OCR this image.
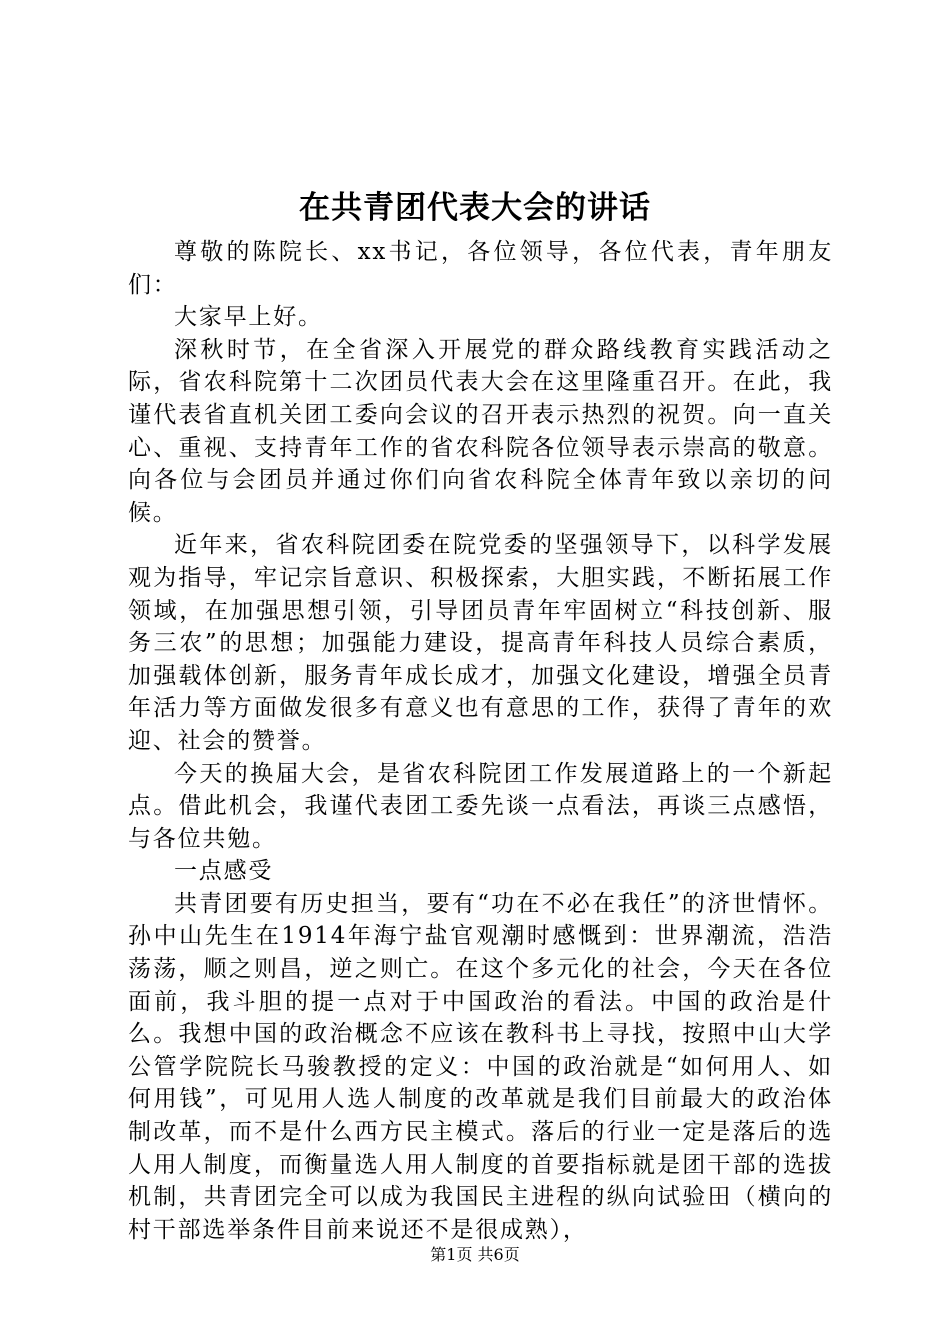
在共青团代表大会的讲话

尊敬的陈院长、xx书记，各位领导，各位代表，青年朋友们：

大家早上好。

深秋时节，在全省深入开展党的群众路线教育实践活动之际，省农科院第十二次团员代表大会在这里隆重召开。在此，我谨代表省直机关团工委向会议的召开表示热烈的祝贺。向一直关心、重视、支持青年工作的省农科院各位领导表示崇高的敬意。向各位与会团员并通过你们向省农科院全体青年致以亲切的问候。

近年来，省农科院团委在院党委的坚强领导下，以科学发展观为指导，牢记宗旨意识、积极探索，大胆实践，不断拓展工作领域，在加强思想引领，引导团员青年牢固树立“科技创新、服务三农”的思想；加强能力建设，提高青年科技人员综合素质，加强载体创新，服务青年成长成才，加强文化建设，增强全员青年活力等方面做发很多有意义也有意思的工作，获得了青年的欢迎、社会的赞誉。

今天的换届大会，是省农科院团工作发展道路上的一个新起点。借此机会，我谨代表团工委先谈一点看法，再谈三点感悟，与各位共勉。

一点感受

共青团要有历史担当，要有“功在不必在我任”的济世情怀。孙中山先生在1914年海宁盐官观潮时感慨到：世界潮流，浩浩荡荡，顺之则昌，逆之则亡。在这个多元化的社会，今天在各位面前，我斗胆的提一点对于中国政治的看法。中国的政治是什么。我想中国的政治概念不应该在教科书上寻找，按照中山大学公管学院院长马骏教授的定义：中国的政治就是“如何用人、如何用钱”，可见用人选人制度的改革就是我们目前最大的政治体制改革，而不是什么西方民主模式。落后的行业一定是落后的选人用人制度，而衡量选人用人制度的首要指标就是团干部的选拔机制，共青团完全可以成为我国民主进程的纵向试验田（横向的村干部选举条件目前来说还不是很成熟），

第1页 共6页
